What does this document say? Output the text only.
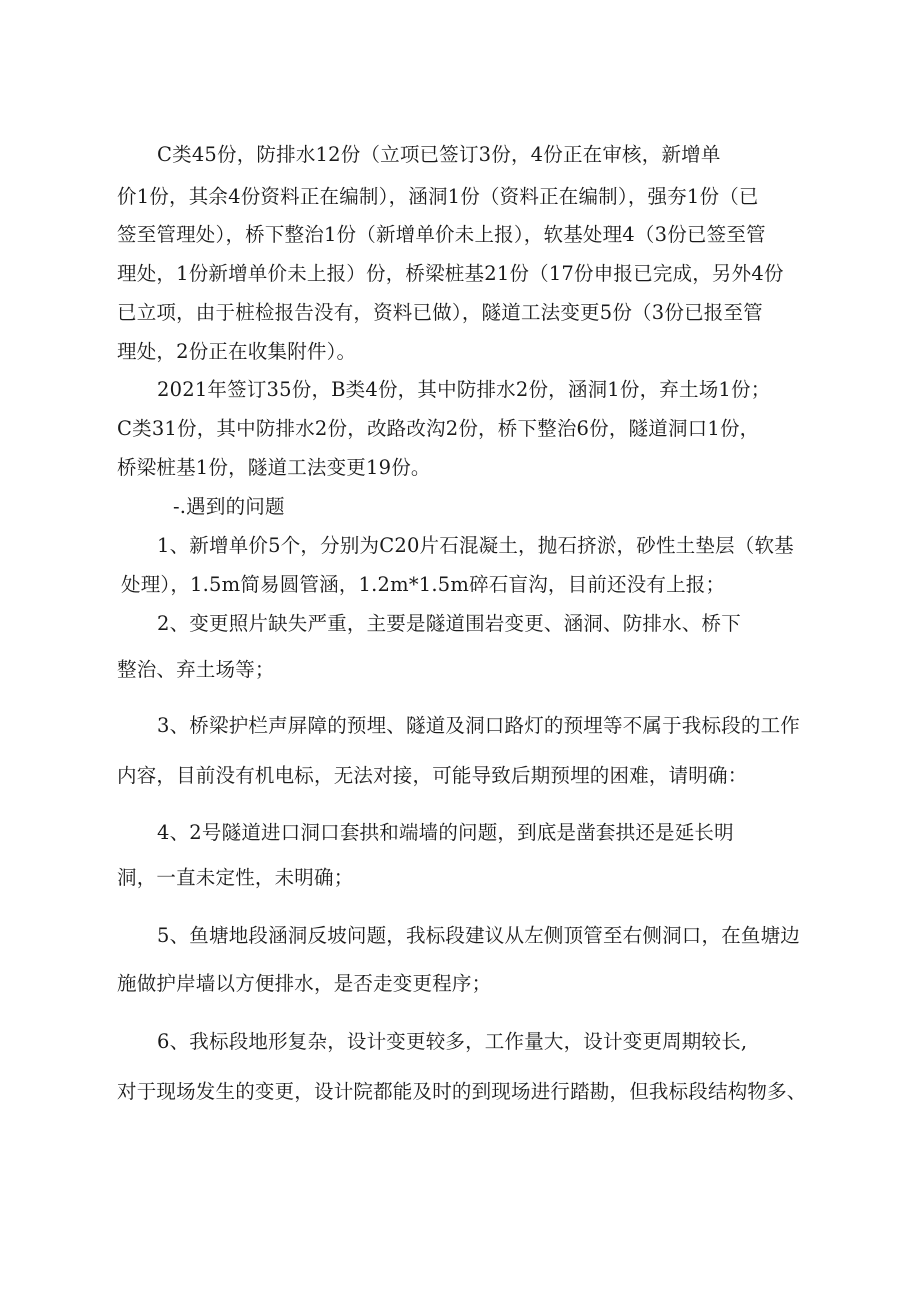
C类45份，防排水12份（立项已签订3份，4份正在审核，新增单
价1份，其余4份资料正在编制），涵洞1份（资料正在编制），强夯1份（已
签至管理处），桥下整治1份（新增单价未上报），软基处理4（3份已签至管
理处，1份新增单价未上报）份，桥梁桩基21份（17份申报已完成，另外4份
已立项，由于桩检报告没有，资料已做），隧道工法变更5份（3份已报至管
理处，2份正在收集附件）。
2021年签订35份，B类4份，其中防排水2份，涵洞1份，弃土场1份；
C类31份，其中防排水2份，改路改沟2份，桥下整治6份，隧道洞口1份，
桥梁桩基1份，隧道工法变更19份。
-.遇到的问题
1、新增单价5个，分别为C20片石混凝土，抛石挤淤，砂性土垫层（软基
处理），1.5m简易圆管涵，1.2m*1.5m碎石盲沟，目前还没有上报；
2、变更照片缺失严重，主要是隧道围岩变更、涵洞、防排水、桥下
整治、弃土场等；
3、桥梁护栏声屏障的预埋、隧道及洞口路灯的预埋等不属于我标段的工作
内容，目前没有机电标，无法对接，可能导致后期预埋的困难，请明确：
4、2号隧道进口洞口套拱和端墙的问题，到底是凿套拱还是延长明
洞，一直未定性，未明确；
5、鱼塘地段涵洞反坡问题，我标段建议从左侧顶管至右侧洞口，在鱼塘边
施做护岸墙以方便排水，是否走变更程序；
6、我标段地形复杂，设计变更较多，工作量大，设计变更周期较长,
对于现场发生的变更，设计院都能及时的到现场进行踏勘，但我标段结构物多、
